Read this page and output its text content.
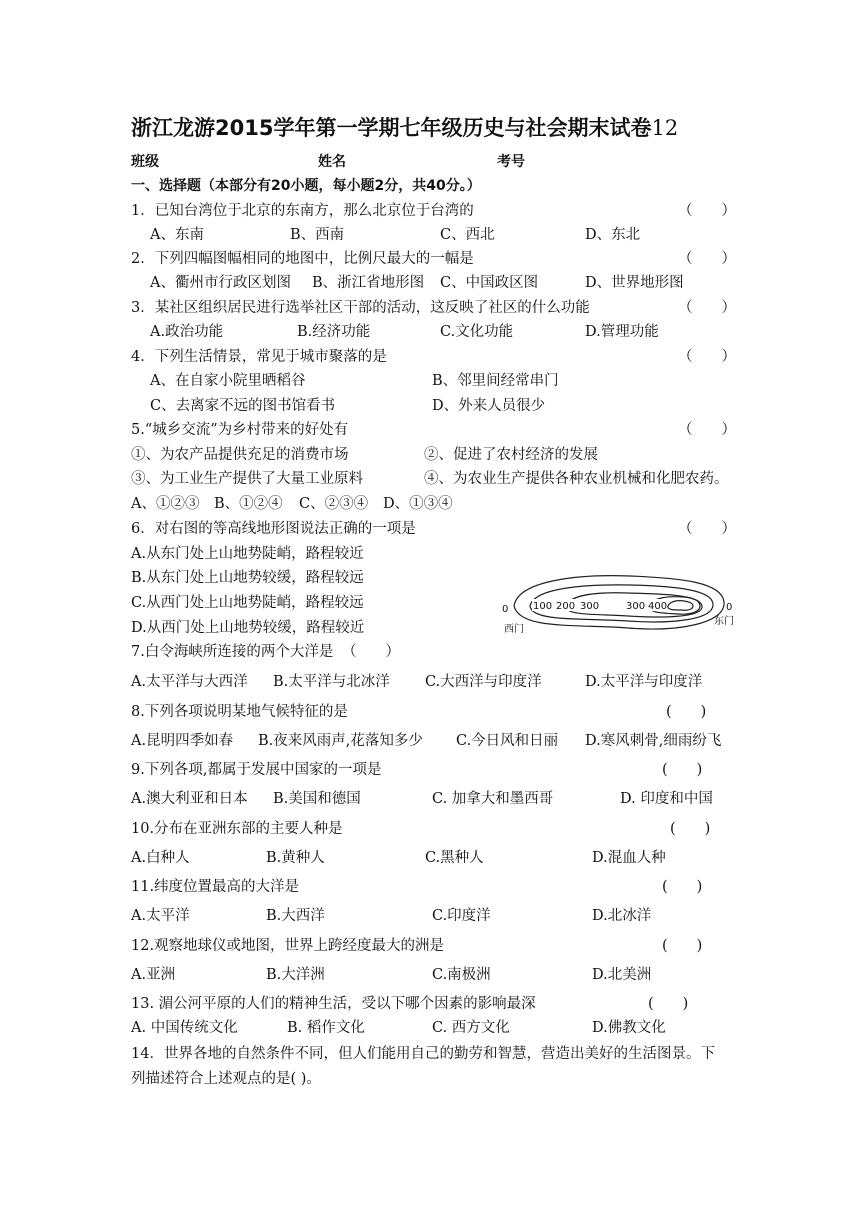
浙江龙游2015学年第一学期七年级历史与社会期末试卷12
班级	姓名	考号
一、选择题（本部分有20小题，每小题2分，共40分。）
1．已知台湾位于北京的东南方，那么北京位于台湾的	（　　）
A、东南	B、西南	C、西北	D、东北
2．下列四幅图幅相同的地图中，比例尺最大的一幅是	（　　）
A、衢州市行政区划图 B、浙江省地形图 C、中国政区图	D、世界地形图
3．某社区组织居民进行选举社区干部的活动，这反映了社区的什么功能	（　　）
A.政治功能	B.经济功能	C.文化功能	D.管理功能
4．下列生活情景，常见于城市聚落的是	（　　）
A、在自家小院里晒稻谷	B、邻里间经常串门
C、去离家不远的图书馆看书	D、外来人员很少
5.“城乡交流”为乡村带来的好处有	（　　）
①、为农产品提供充足的消费市场	②、促进了农村经济的发展
③、为工业生产提供了大量工业原料	④、为农业生产提供各种农业机械和化肥农药。
A、①②③ B、①②④ C、②③④ D、①③④
6．对右图的等高线地形图说法正确的一项是	（　　）
A.从东门处上山地势陡峭，路程较近
B.从东门处上山地势较缓，路程较远
C.从西门处上山地势陡峭，路程较远
D.从西门处上山地势较缓，路程较近
100 200 300	300 400
0	0
西门
东门
7.白令海峡所连接的两个大洋是 （　　）
A.太平洋与大西洋 B.太平洋与北冰洋 C.大西洋与印度洋	D.太平洋与印度洋
8.下列各项说明某地气候特征的是	(　　)
A.昆明四季如春 B.夜来风雨声,花落知多少 C.今日风和日丽 D.寒风刺骨,细雨纷飞
9.下列各项,都属于发展中国家的一项是	(　　)
A.澳大利亚和日本 B.美国和德国	C. 加拿大和墨西哥	D. 印度和中国
10.分布在亚洲东部的主要人种是	(　　)
A.白种人	B.黄种人	C.黑种人	D.混血人种
11.纬度位置最高的大洋是	(　　)
A.太平洋	B.大西洋	C.印度洋	D.北冰洋
12.观察地球仪或地图，世界上跨经度最大的洲是	(　　)
A.亚洲	B.大洋洲	C.南极洲	D.北美洲
13. 湄公河平原的人们的精神生活，受以下哪个因素的影响最深	(　　)
A. 中国传统文化	B. 稻作文化	C. 西方文化	D.佛教文化
14．世界各地的自然条件不同，但人们能用自己的勤劳和智慧，营造出美好的生活图景。下
列描述符合上述观点的是( )。
